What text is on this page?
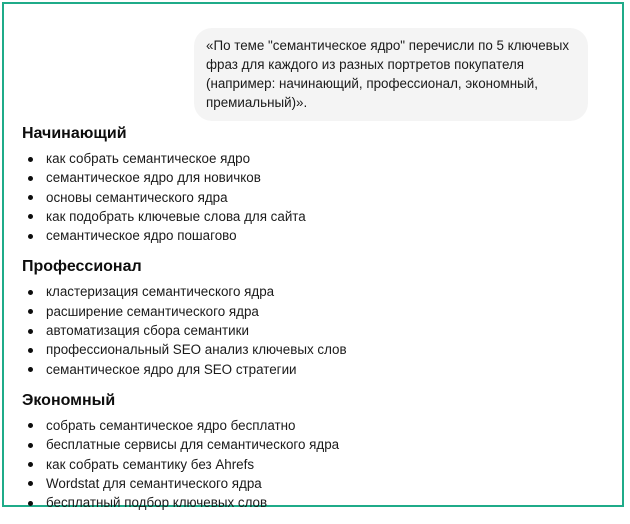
«По теме "семантическое ядро" перечисли по 5 ключевых фраз для каждого из разных портретов покупателя (например: начинающий, профессионал, экономный, премиальный)».
Начинающий
как собрать семантическое ядро
семантическое ядро для новичков
основы семантического ядра
как подобрать ключевые слова для сайта
семантическое ядро пошагово
Профессионал
кластеризация семантического ядра
расширение семантического ядра
автоматизация сбора семантики
профессиональный SEO анализ ключевых слов
семантическое ядро для SEO стратегии
Экономный
собрать семантическое ядро бесплатно
бесплатные сервисы для семантического ядра
как собрать семантику без Ahrefs
Wordstat для семантического ядра
бесплатный подбор ключевых слов
